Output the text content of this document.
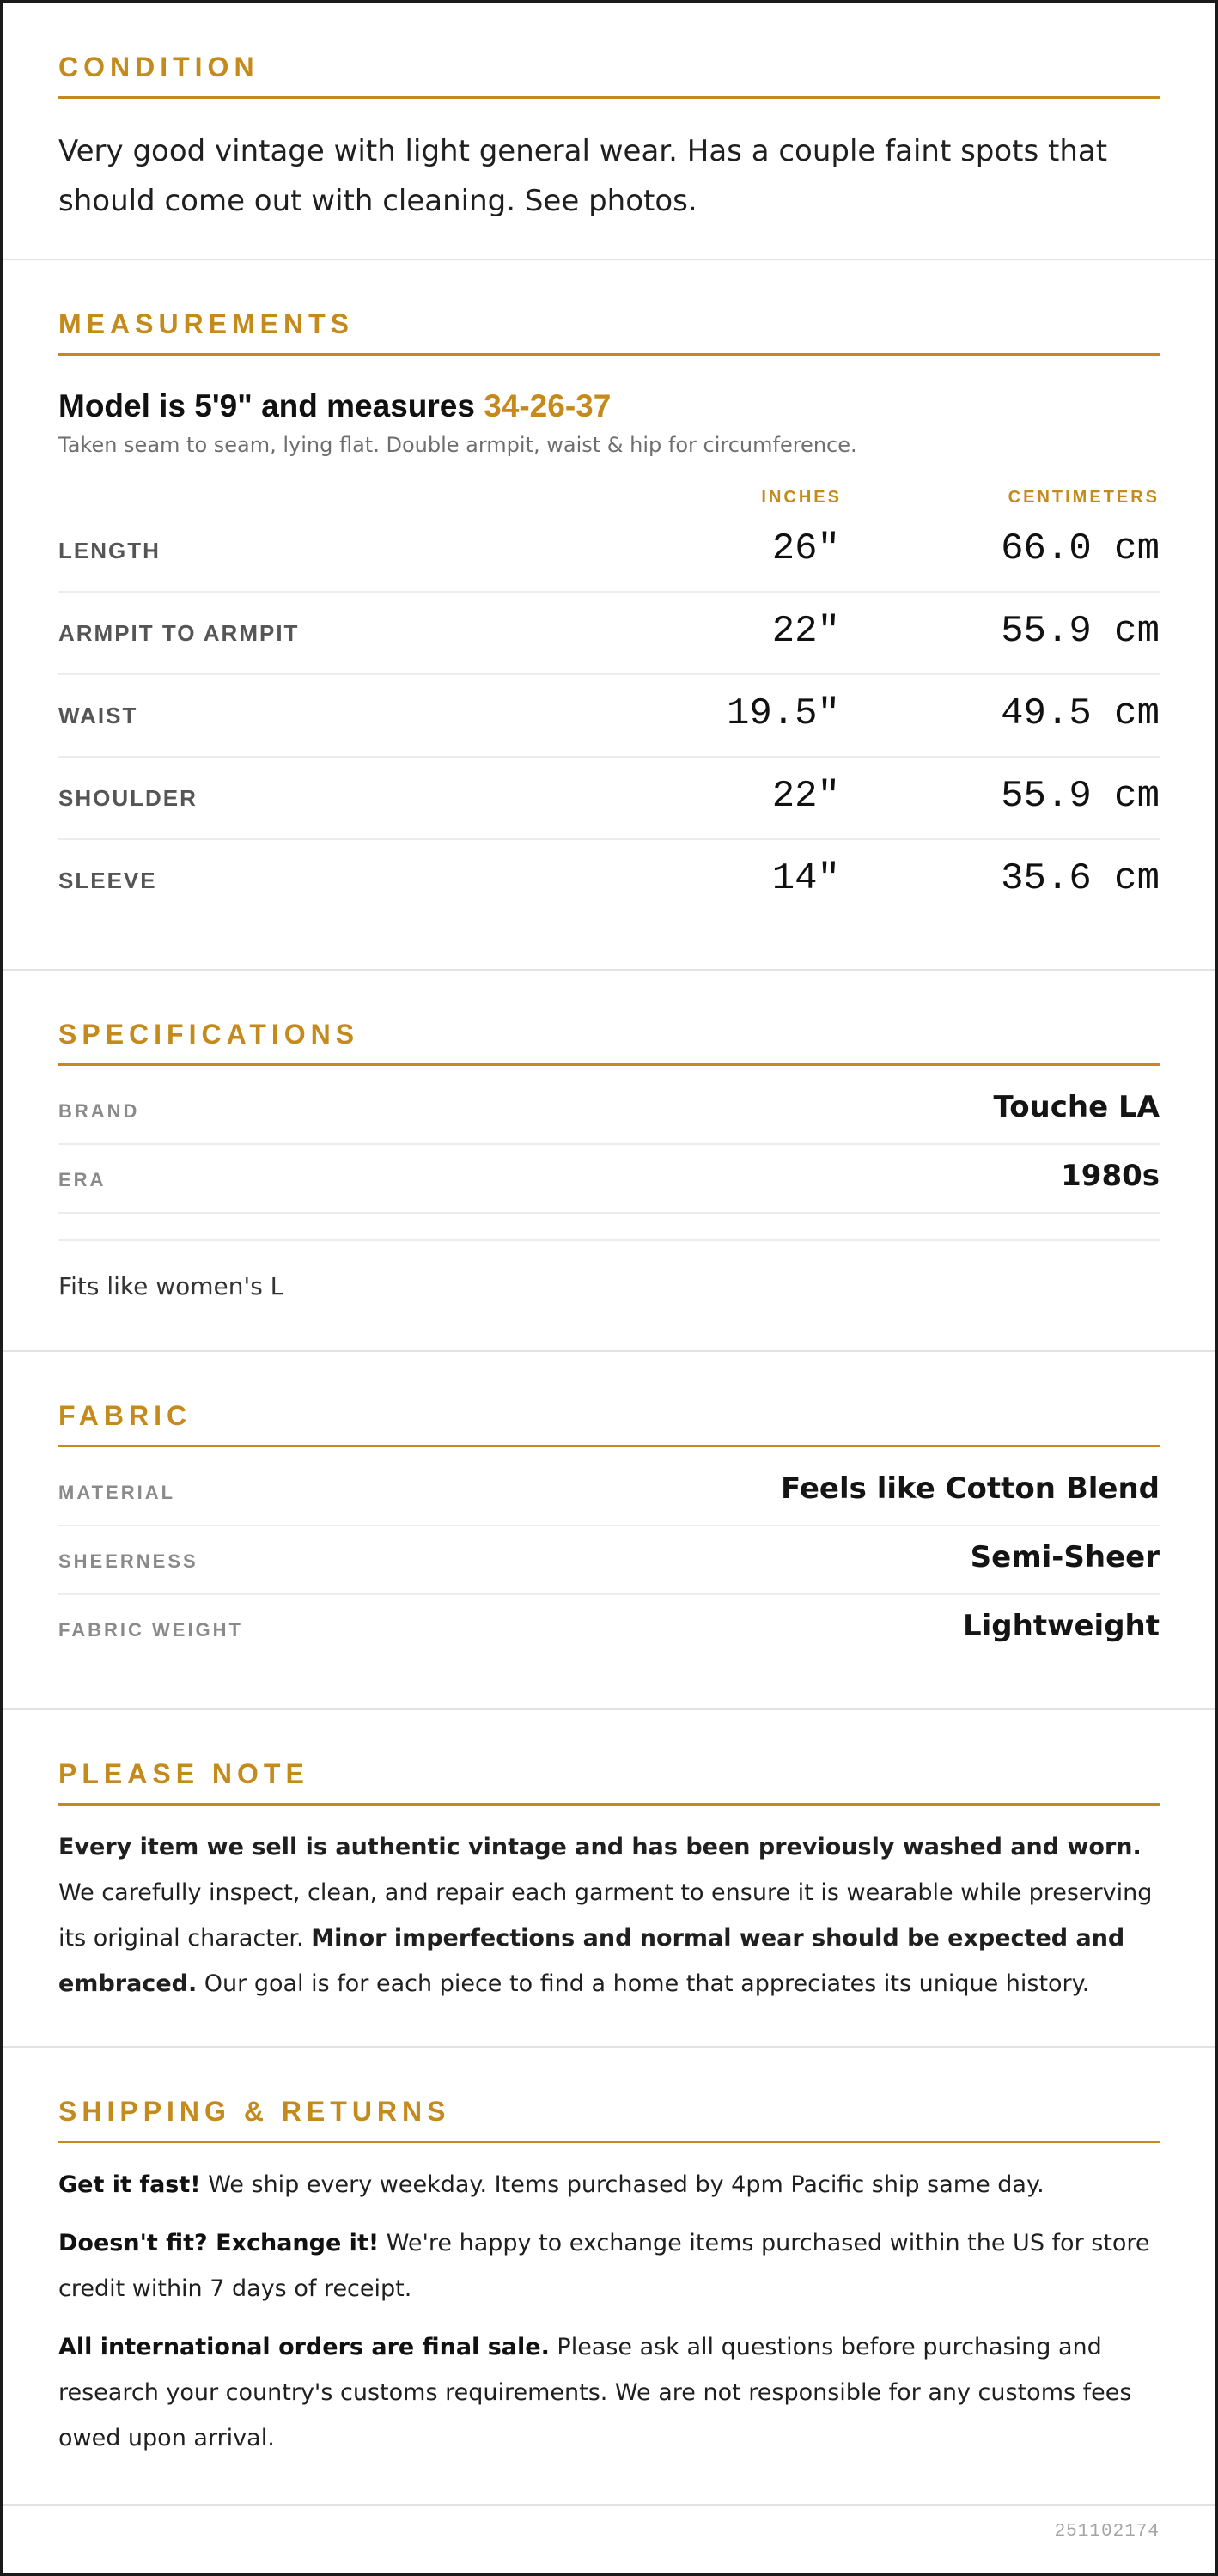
CONDITION

Very good vintage with light general wear. Has a couple faint spots that should come out with cleaning. See photos.

MEASUREMENTS
Model is 5'9" and measures 34-26-37
Taken seam to seam, lying flat. Double armpit, waist & hip for circumference.
INCHES	CENTIMETERS
LENGTH	26"	66.0 cm
ARMPIT TO ARMPIT	22"	55.9 cm
WAIST	19.5"	49.5 cm
SHOULDER	22"	55.9 cm
SLEEVE	14"	35.6 cm
SPECIFICATIONS
BRAND	Touche LA
ERA	1980s
Fits like women's L
FABRIC
MATERIAL	Feels like Cotton Blend
SHEERNESS	Semi-Sheer
FABRIC WEIGHT	Lightweight
PLEASE NOTE

Every item we sell is authentic vintage and has been previously washed and worn. We carefully inspect, clean, and repair each garment to ensure it is wearable while preserving its original character. Minor imperfections and normal wear should be expected and embraced. Our goal is for each piece to find a home that appreciates its unique history.

SHIPPING & RETURNS

Get it fast! We ship every weekday. Items purchased by 4pm Pacific ship same day.

Doesn't fit? Exchange it! We're happy to exchange items purchased within the US for store credit within 7 days of receipt.

All international orders are final sale. Please ask all questions before purchasing and research your country's customs requirements. We are not responsible for any customs fees owed upon arrival.

251102174
